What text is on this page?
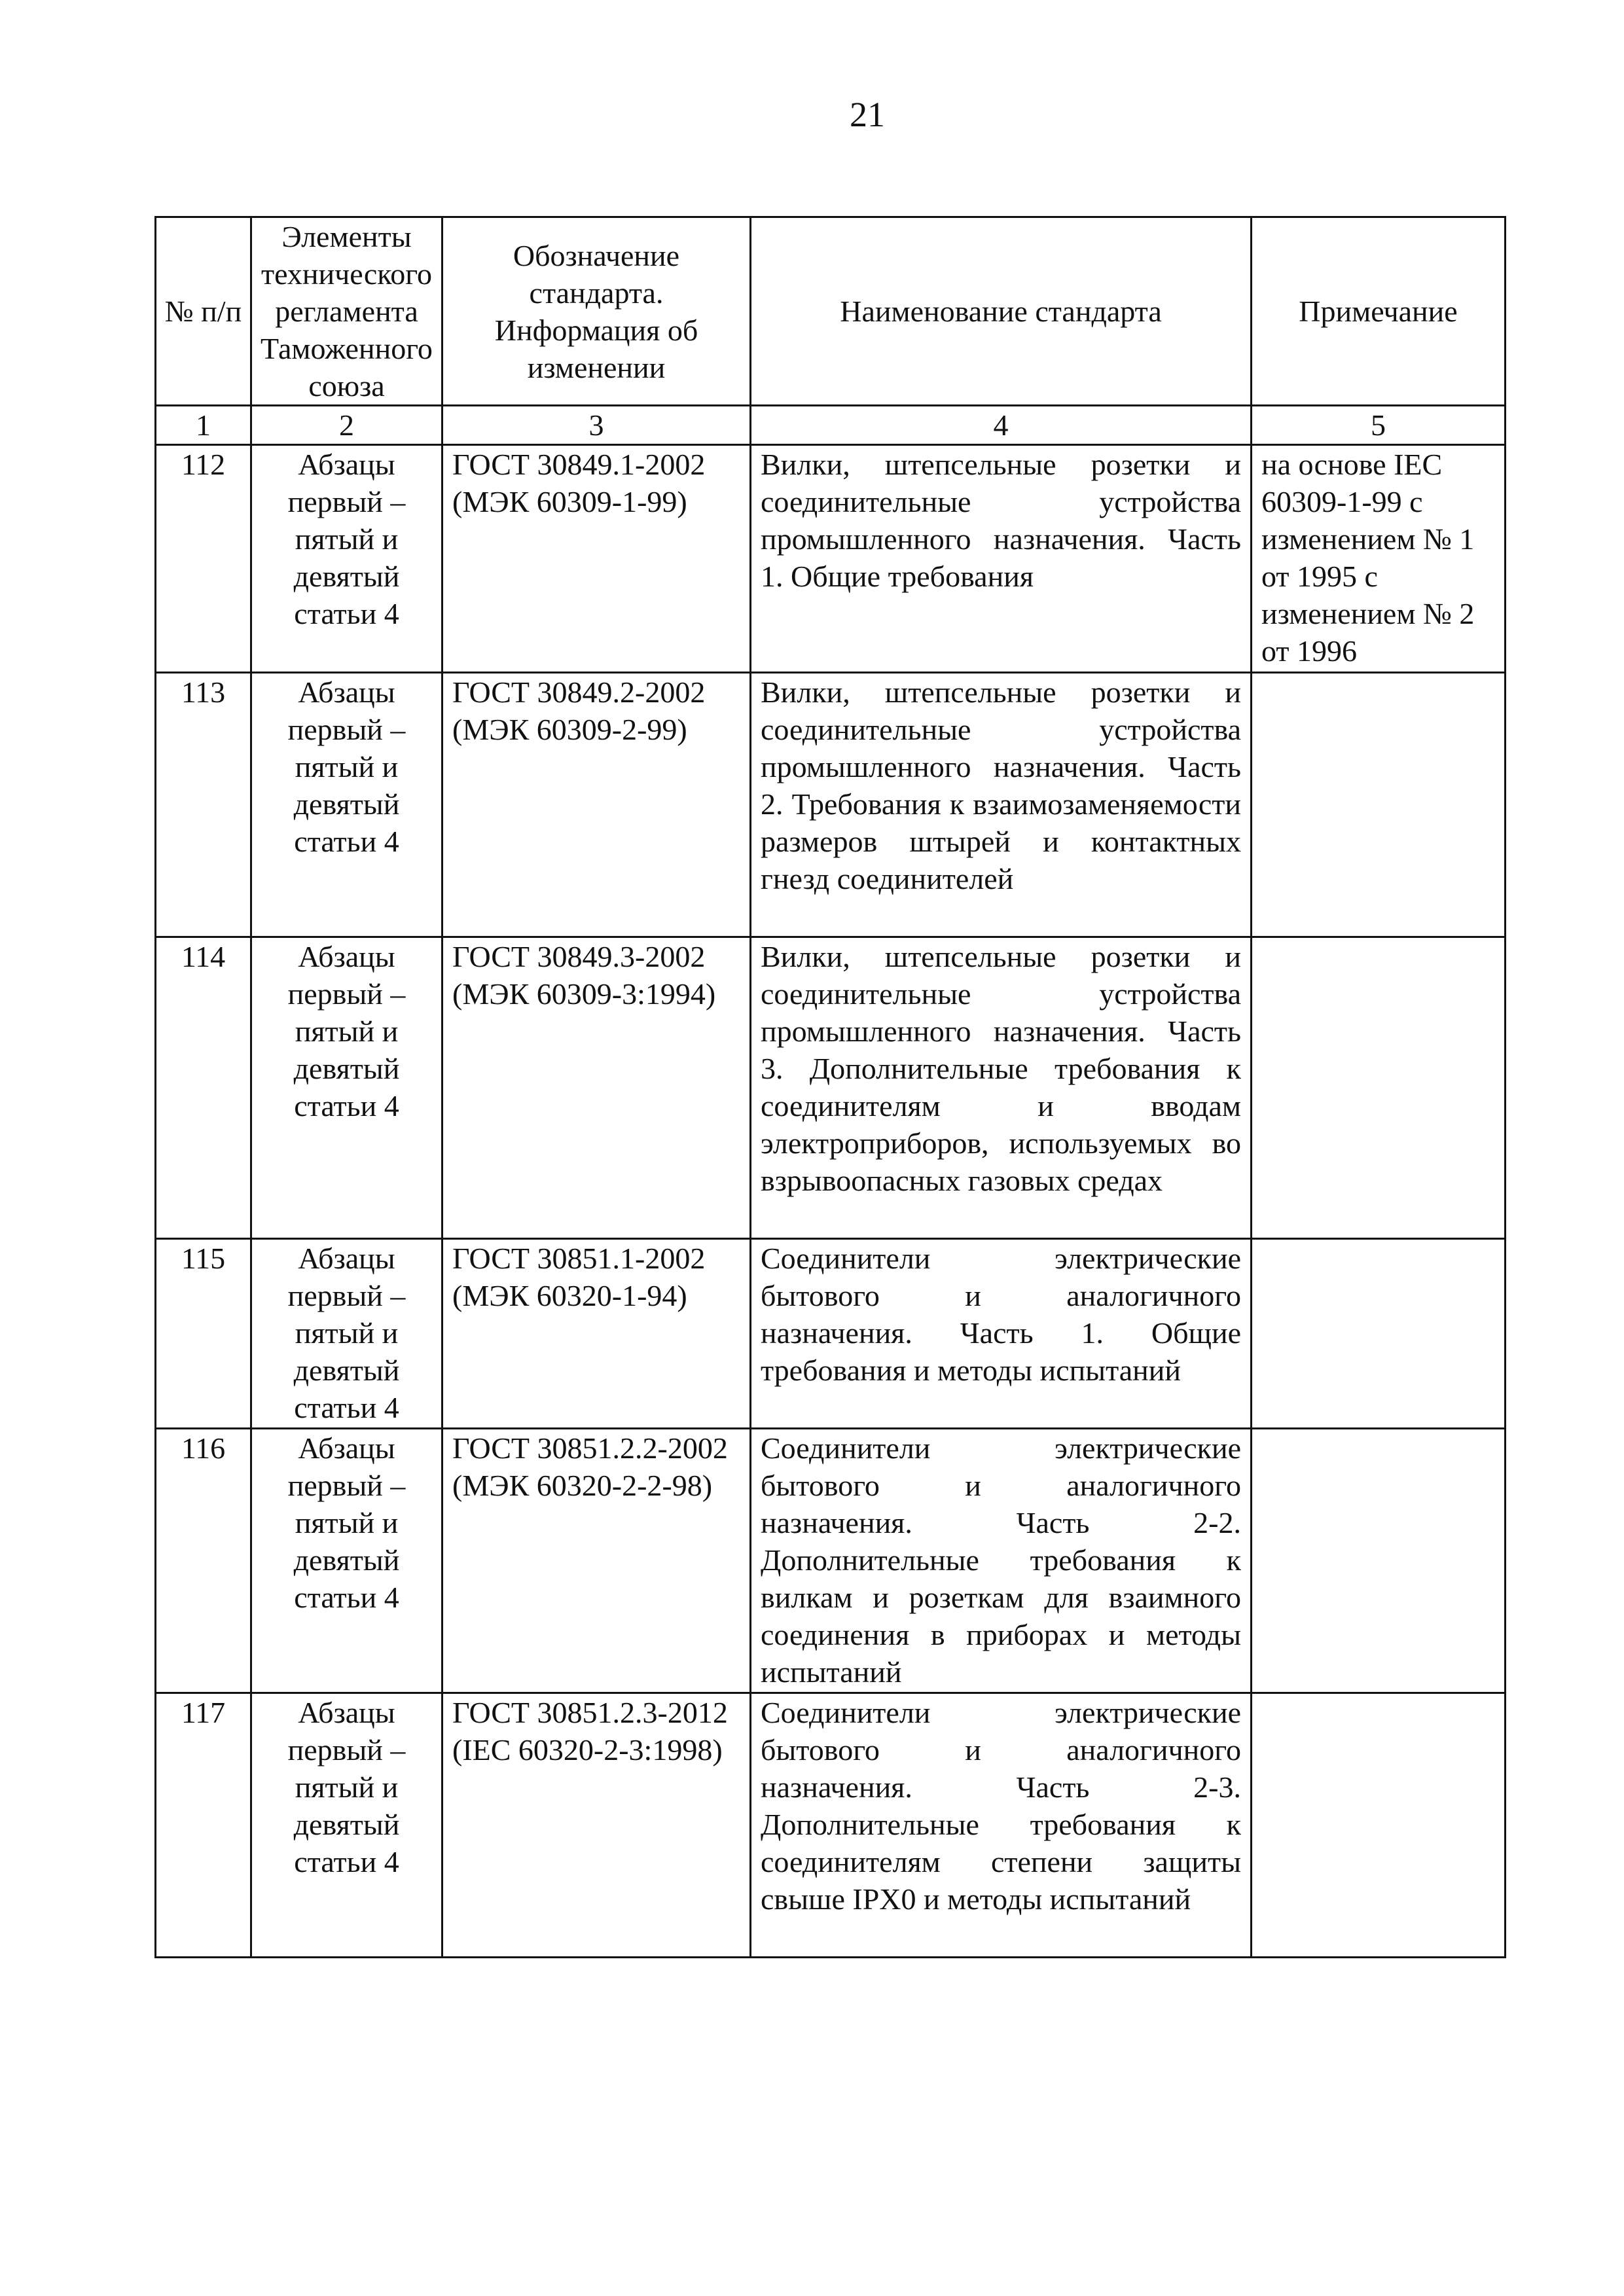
21
№ п/п	Элементы технического регламента Таможенного союза	Обозначение стандарта. Информация об изменении	Наименование стандарта	Примечание
1	2	3	4	5
112	Абзацы первый – пятый и девятый статьи 4	ГОСТ 30849.1-2002 (МЭК 60309-1-99)	Вилки, штепсельные розетки и соединительные устройства промышленного назначения. Часть 1. Общие требования	на основе IEC 60309-1-99 с изменением № 1 от 1995 с изменением № 2 от 1996
113	Абзацы первый – пятый и девятый статьи 4	ГОСТ 30849.2-2002 (МЭК 60309-2-99)	Вилки, штепсельные розетки и соединительные устройства промышленного назначения. Часть 2. Требования к взаимозаменяемости размеров штырей и контактных гнезд соединителей	
114	Абзацы первый – пятый и девятый статьи 4	ГОСТ 30849.3-2002 (МЭК 60309-3:1994)	Вилки, штепсельные розетки и соединительные устройства промышленного назначения. Часть 3. Дополнительные требования к соединителям и вводам электроприборов, используемых во взрывоопасных газовых средах	
115	Абзацы первый – пятый и девятый статьи 4	ГОСТ 30851.1-2002 (МЭК 60320-1-94)	Соединители электрические бытового и аналогичного назначения. Часть 1. Общие требования и методы испытаний	
116	Абзацы первый – пятый и девятый статьи 4	ГОСТ 30851.2.2-2002 (МЭК 60320-2-2-98)	Соединители электрические бытового и аналогичного назначения. Часть 2-2. Дополнительные требования к вилкам и розеткам для взаимного соединения в приборах и методы испытаний	
117	Абзацы первый – пятый и девятый статьи 4	ГОСТ 30851.2.3-2012 (IEC 60320-2-3:1998)	Соединители электрические бытового и аналогичного назначения. Часть 2-3. Дополнительные требования к соединителям степени защиты свыше IPX0 и методы испытаний	
